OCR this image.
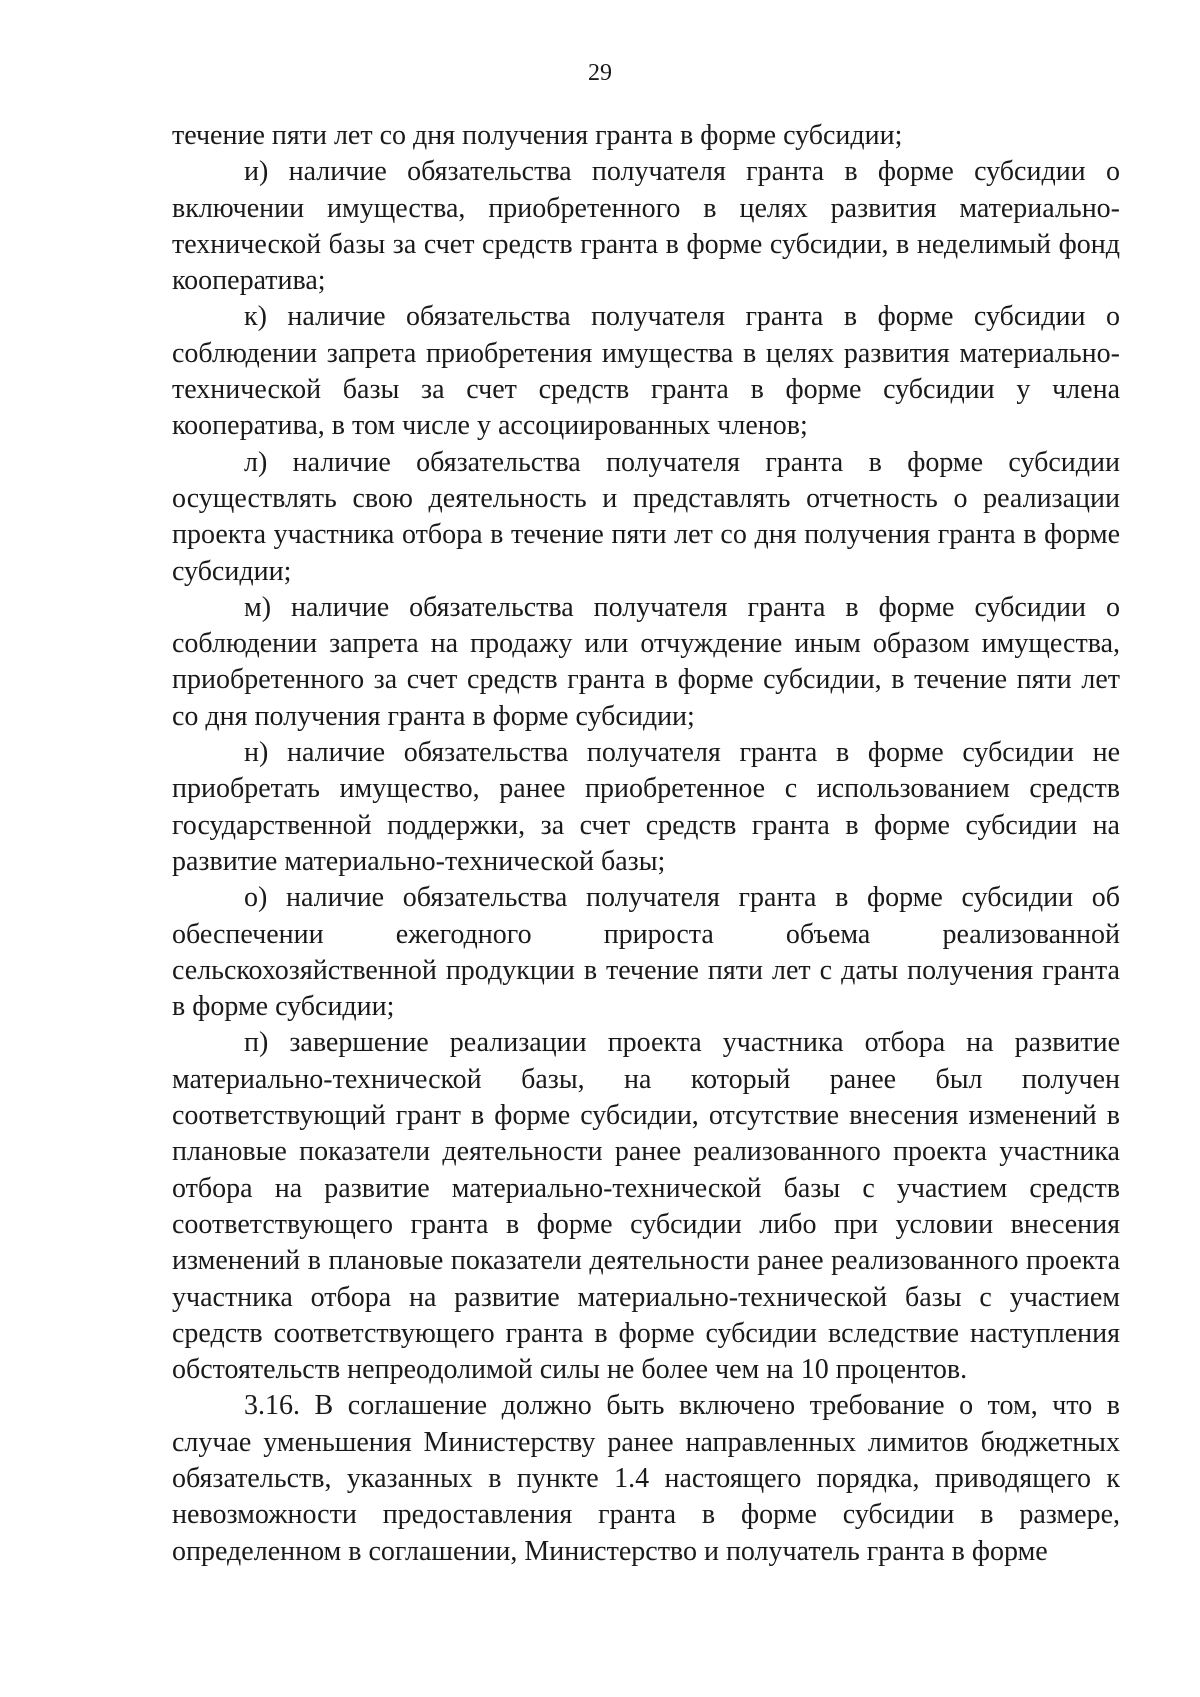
29

течение пяти лет со дня получения гранта в форме субсидии;

и) наличие обязательства получателя гранта в форме субсидии о включении имущества, приобретенного в целях развития материально-технической базы за счет средств гранта в форме субсидии, в неделимый фонд кооператива;

к) наличие обязательства получателя гранта в форме субсидии о соблюдении запрета приобретения имущества в целях развития материально-технической базы за счет средств гранта в форме субсидии у члена кооператива, в том числе у ассоциированных членов;

л) наличие обязательства получателя гранта в форме субсидии осуществлять свою деятельность и представлять отчетность о реализации проекта участника отбора в течение пяти лет со дня получения гранта в форме субсидии;

м) наличие обязательства получателя гранта в форме субсидии о соблюдении запрета на продажу или отчуждение иным образом имущества, приобретенного за счет средств гранта в форме субсидии, в течение пяти лет со дня получения гранта в форме субсидии;

н) наличие обязательства получателя гранта в форме субсидии не приобретать имущество, ранее приобретенное с использованием средств государственной поддержки, за счет средств гранта в форме субсидии на развитие материально-технической базы;

о) наличие обязательства получателя гранта в форме субсидии об обеспечении ежегодного прироста объема реализованной сельскохозяйственной продукции в течение пяти лет с даты получения гранта в форме субсидии;

п) завершение реализации проекта участника отбора на развитие материально-технической базы, на который ранее был получен соответствующий грант в форме субсидии, отсутствие внесения изменений в плановые показатели деятельности ранее реализованного проекта участника отбора на развитие материально-технической базы с участием средств соответствующего гранта в форме субсидии либо при условии внесения изменений в плановые показатели деятельности ранее реализованного проекта участника отбора на развитие материально-технической базы с участием средств соответствующего гранта в форме субсидии вследствие наступления обстоятельств непреодолимой силы не более чем на 10 процентов.

3.16. В соглашение должно быть включено требование о том, что в случае уменьшения Министерству ранее направленных лимитов бюджетных обязательств, указанных в пункте 1.4 настоящего порядка, приводящего к невозможности предоставления гранта в форме субсидии в размере, определенном в соглашении, Министерство и получатель гранта в форме
